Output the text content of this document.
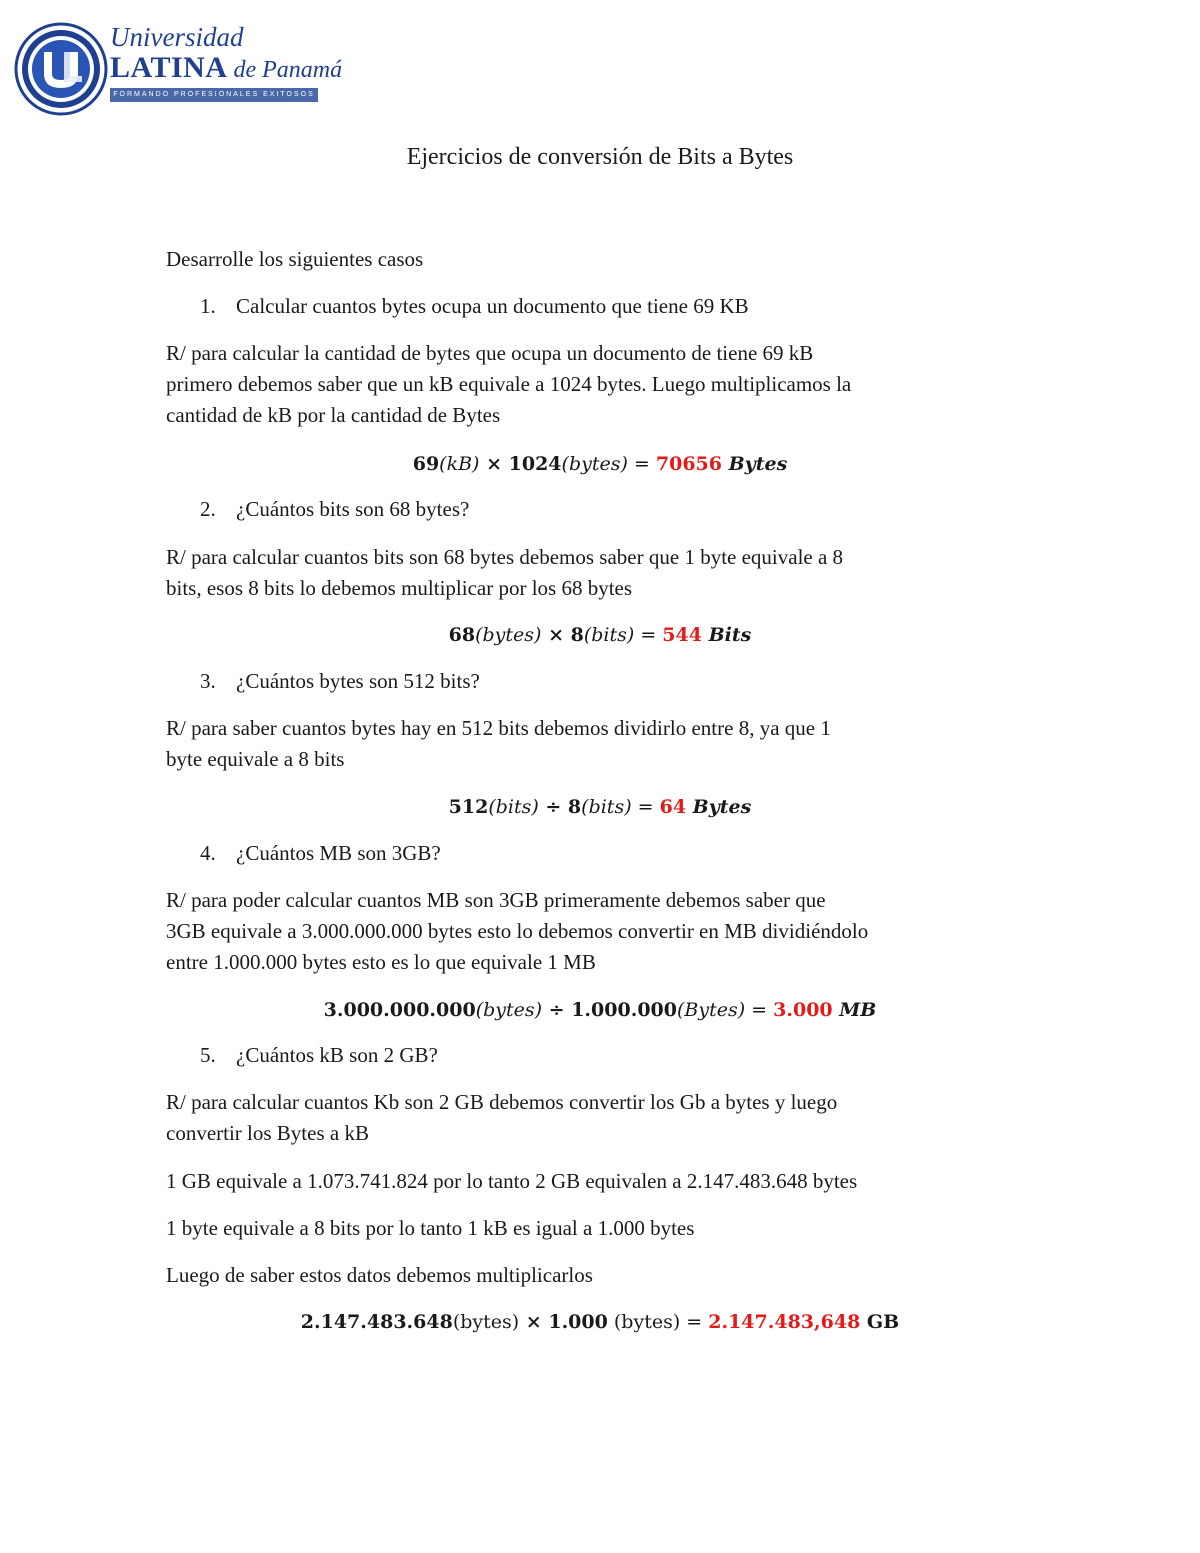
Universidad
LATINA de Panamá
FORMANDO PROFESIONALES EXITOSOS
Ejercicios de conversión de Bits a Bytes
Desarrolle los siguientes casos
1. Calcular cuantos bytes ocupa un documento que tiene 69 KB
R/ para calcular la cantidad de bytes que ocupa un documento de tiene 69 kB
primero debemos saber que un kB equivale a 1024 bytes. Luego multiplicamos la
cantidad de kB por la cantidad de Bytes
69(kB) × 1024(bytes) = 70656 Bytes
2. ¿Cuántos bits son 68 bytes?
R/ para calcular cuantos bits son 68 bytes debemos saber que 1 byte equivale a 8
bits, esos 8 bits lo debemos multiplicar por los 68 bytes
68(bytes) × 8(bits) = 544 Bits
3. ¿Cuántos bytes son 512 bits?
R/ para saber cuantos bytes hay en 512 bits debemos dividirlo entre 8, ya que 1
byte equivale a 8 bits
512(bits) ÷ 8(bits) = 64 Bytes
4. ¿Cuántos MB son 3GB?
R/ para poder calcular cuantos MB son 3GB primeramente debemos saber que
3GB equivale a 3.000.000.000 bytes esto lo debemos convertir en MB dividiéndolo
entre 1.000.000 bytes esto es lo que equivale 1 MB
3.000.000.000(bytes) ÷ 1.000.000(Bytes) = 3.000 MB
5. ¿Cuántos kB son 2 GB?
R/ para calcular cuantos Kb son 2 GB debemos convertir los Gb a bytes y luego
convertir los Bytes a kB
1 GB equivale a 1.073.741.824 por lo tanto 2 GB equivalen a 2.147.483.648 bytes
1 byte equivale a 8 bits por lo tanto 1 kB es igual a 1.000 bytes
Luego de saber estos datos debemos multiplicarlos
2.147.483.648(bytes) × 1.000 (bytes) = 2.147.483,648 GB
